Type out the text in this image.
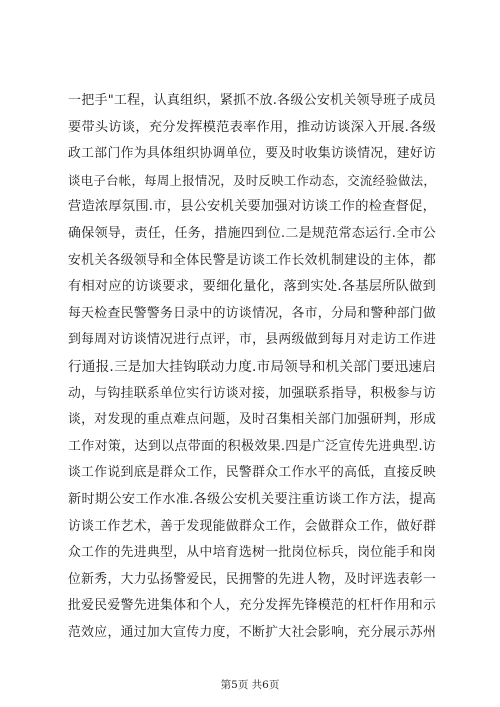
一把手"工程，认真组织，紧抓不放.各级公安机关领导班子成员
要带头访谈，充分发挥模范表率作用，推动访谈深入开展.各级
政工部门作为具体组织协调单位，要及时收集访谈情况，建好访
谈电子台帐，每周上报情况，及时反映工作动态，交流经验做法，
营造浓厚氛围.市，县公安机关要加强对访谈工作的检查督促，
确保领导，责任，任务，措施四到位.二是规范常态运行.全市公
安机关各级领导和全体民警是访谈工作长效机制建设的主体，都
有相对应的访谈要求，要细化量化，落到实处.各基层所队做到
每天检查民警警务日录中的访谈情况，各市，分局和警种部门做
到每周对访谈情况进行点评，市，县两级做到每月对走访工作进
行通报.三是加大挂钩联动力度.市局领导和机关部门要迅速启
动，与钩挂联系单位实行访谈对接，加强联系指导，积极参与访
谈，对发现的重点难点问题，及时召集相关部门加强研判，形成
工作对策，达到以点带面的积极效果.四是广泛宣传先进典型.访
谈工作说到底是群众工作，民警群众工作水平的高低，直接反映
新时期公安工作水准.各级公安机关要注重访谈工作方法，提高
访谈工作艺术，善于发现能做群众工作，会做群众工作，做好群
众工作的先进典型，从中培育选树一批岗位标兵，岗位能手和岗
位新秀，大力弘扬警爱民，民拥警的先进人物，及时评选表彰一
批爱民爱警先进集体和个人，充分发挥先锋模范的杠杆作用和示
范效应，通过加大宣传力度，不断扩大社会影响，充分展示苏州
第5页 共6页
